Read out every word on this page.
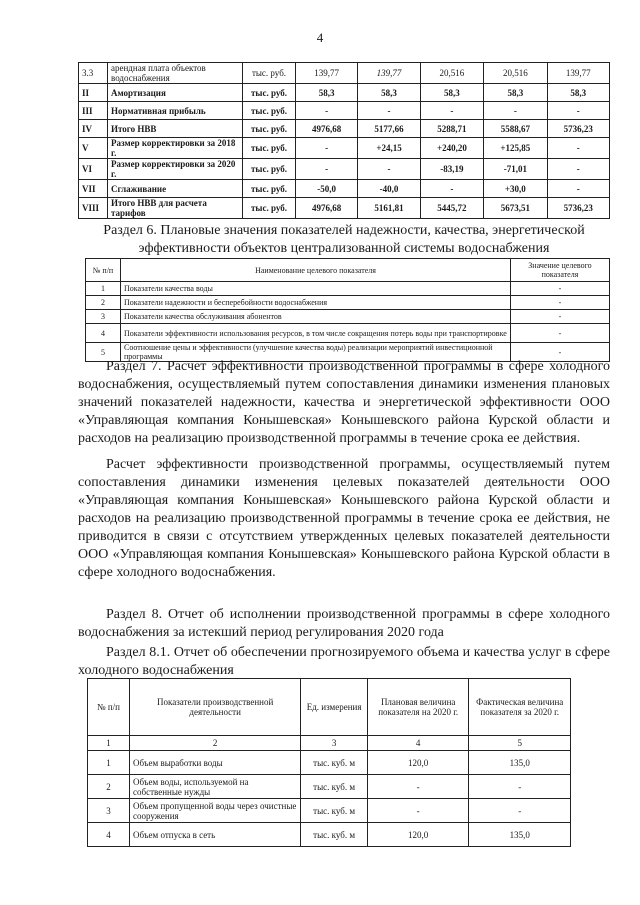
4
3.3	арендная плата объектов водоснабжения	тыс. руб.	139,77	139,77	20,516	20,516	139,77
II	Амортизация	тыс. руб.	58,3	58,3	58,3	58,3	58,3
III	Нормативная прибыль	тыс. руб.	-	-	-	-	-
IV	Итого НВВ	тыс. руб.	4976,68	5177,66	5288,71	5588,67	5736,23
V	Размер корректировки за 2018 г.	тыс. руб.	-	+24,15	+240,20	+125,85	-
VI	Размер корректировки за 2020 г.	тыс. руб.	-	-	-83,19	-71,01	-
VII	Сглаживание	тыс. руб.	-50,0	-40,0	-	+30,0	-
VIII	Итого НВВ для расчета тарифов	тыс. руб.	4976,68	5161,81	5445,72	5673,51	5736,23
Раздел 6. Плановые значения показателей надежности, качества, энергетической эффективности объектов централизованной системы водоснабжения
№ п/п	Наименование целевого показателя	Значение целевого показателя
1	Показатели качества воды	-
2	Показатели надежности и бесперебойности водоснабжения	-
3	Показатели качества обслуживания абонентов	-
4	Показатели эффективности использования ресурсов, в том числе сокращения потерь воды при транспортировке	-
5	Соотношение цены и эффективности (улучшение качества воды) реализации мероприятий инвестиционной программы	-
Раздел 7. Расчет эффективности производственной программы в сфере холодного водоснабжения, осуществляемый путем сопоставления динамики изменения плановых значений показателей надежности, качества и энергетической эффективности ООО «Управляющая компания Конышевская» Конышевского района Курской области и расходов на реализацию производственной программы в течение срока ее действия.
Расчет эффективности производственной программы, осуществляемый путем сопоставления динамики изменения целевых показателей деятельности ООО «Управляющая компания Конышевская» Конышевского района Курской области и расходов на реализацию производственной программы в течение срока ее действия, не приводится в связи с отсутствием утвержденных целевых показателей деятельности ООО «Управляющая компания Конышевская» Конышевского района Курской области в сфере холодного водоснабжения.
Раздел 8. Отчет об исполнении производственной программы в сфере холодного водоснабжения за истекший период регулирования 2020 года
Раздел 8.1. Отчет об обеспечении прогнозируемого объема и качества услуг в сфере холодного водоснабжения
№ п/п	Показатели производственной деятельности	Ед. измерения	Плановая величина показателя на 2020 г.	Фактическая величина показателя за 2020 г.
1	2	3	4	5
1	Объем выработки воды	тыс. куб. м	120,0	135,0
2	Объем воды, используемой на собственные нужды	тыс. куб. м	-	-
3	Объем пропущенной воды через очистные сооружения	тыс. куб. м	-	-
4	Объем отпуска в сеть	тыс. куб. м	120,0	135,0
